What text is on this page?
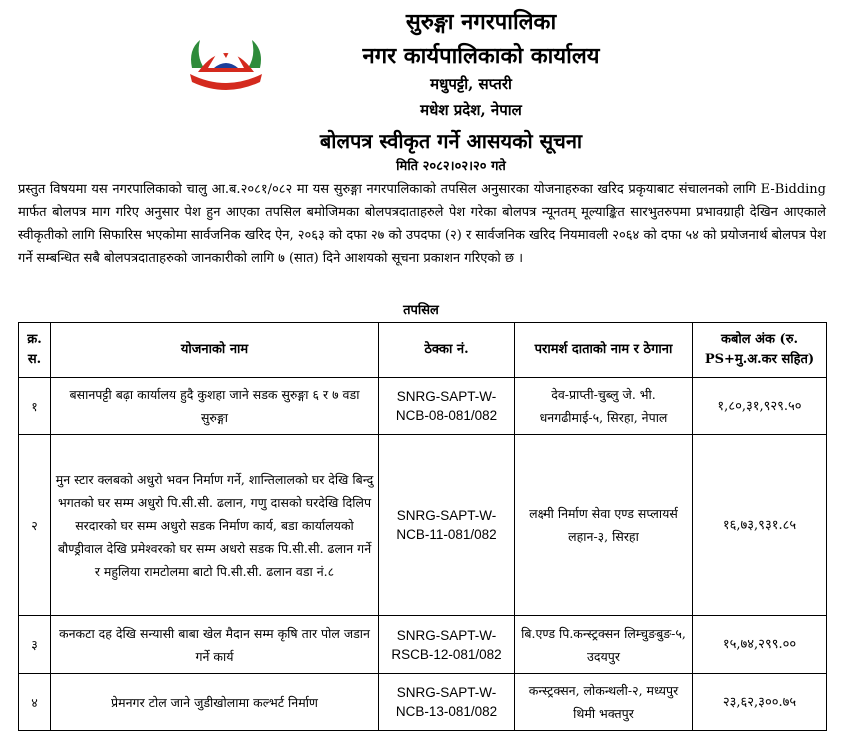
सुरुङ्गा नगरपालिका
नगर कार्यपालिकाको कार्यालय
मधुपट्टी, सप्तरी
मधेश प्रदेश, नेपाल
बोलपत्र स्वीकृत गर्ने आसयको सूचना
मिति २०८२।०२।२० गते
प्रस्तुत विषयमा यस नगरपालिकाको चालु आ.ब.२०८१/०८२ मा यस सुरुङ्गा नगरपालिकाको तपसिल अनुसारका योजनाहरुका खरिद प्रकृयाबाट संचालनको लागि E-Bidding मार्फत बोलपत्र माग गरिए अनुसार पेश हुन आएका तपसिल बमोजिमका बोलपत्रदाताहरुले पेश गरेका बोलपत्र न्यूनतम् मूल्याङ्कित सारभुतरुपमा प्रभावग्राही देखिन आएकाले स्वीकृतीको लागि सिफारिस भएकोमा सार्वजनिक खरिद ऐन, २०६३ को दफा २७ को उपदफा (२) र सार्वजनिक खरिद नियमावली २०६४ को दफा ५४ को प्रयोजनार्थ बोलपत्र पेश गर्ने सम्बन्धित सबै बोलपत्रदाताहरुको जानकारीको लागि ७ (सात) दिने आशयको सूचना प्रकाशन गरिएको छ ।
तपसिल
क्र. स.	योजनाको नाम	ठेक्का नं.	परामर्श दाताको नाम र ठेगाना	कबोल अंक (रु. PS+मु.अ.कर सहित)
१	बसानपट्टी बढ़ा कार्यालय हुदै कुशहा जाने सडक सुरुङ्गा ६ र ७ वडा सुरुङ्गा	SNRG-SAPT-W-NCB-08-081/082	देव-प्राप्ती-चुब्लु जे. भी. धनगढीमाई-५, सिरहा, नेपाल	१,८०,३१,९२९.५०
२	मुन स्टार क्लबको अधुरो भवन निर्माण गर्ने, शान्तिलालको घर देखि बिन्दु भगतको घर सम्म अधुरो पि.सी.सी. ढलान, गणु दासको घरदेखि दिलिप सरदारको घर सम्म अधुरो सडक निर्माण कार्य, बडा कार्यालयको बौण्ड्रीवाल देखि प्रमेश्वरको घर सम्म अधरो सडक पि.सी.सी. ढलान गर्ने र महुलिया रामटोलमा बाटो पि.सी.सी. ढलान वडा नं.८	SNRG-SAPT-W-NCB-11-081/082	लक्ष्मी निर्माण सेवा एण्ड सप्लायर्स लहान-३, सिरहा	१६,७३,९३१.८५
३	कनकटा दह देखि सन्यासी बाबा खेल मैदान सम्म कृषि तार पोल जडान गर्ने कार्य	SNRG-SAPT-W-RSCB-12-081/082	बि.एण्ड पि.कन्स्ट्रक्सन लिम्चुङबुङ-५, उदयपुर	१५,७४,२९९.००
४	प्रेमनगर टोल जाने जुडीखोलामा कल्भर्ट निर्माण	SNRG-SAPT-W-NCB-13-081/082	कन्स्ट्रक्सन, लोकन्थली-२, मध्यपुर थिमी भक्तपुर	२३,६२,३००.७५
